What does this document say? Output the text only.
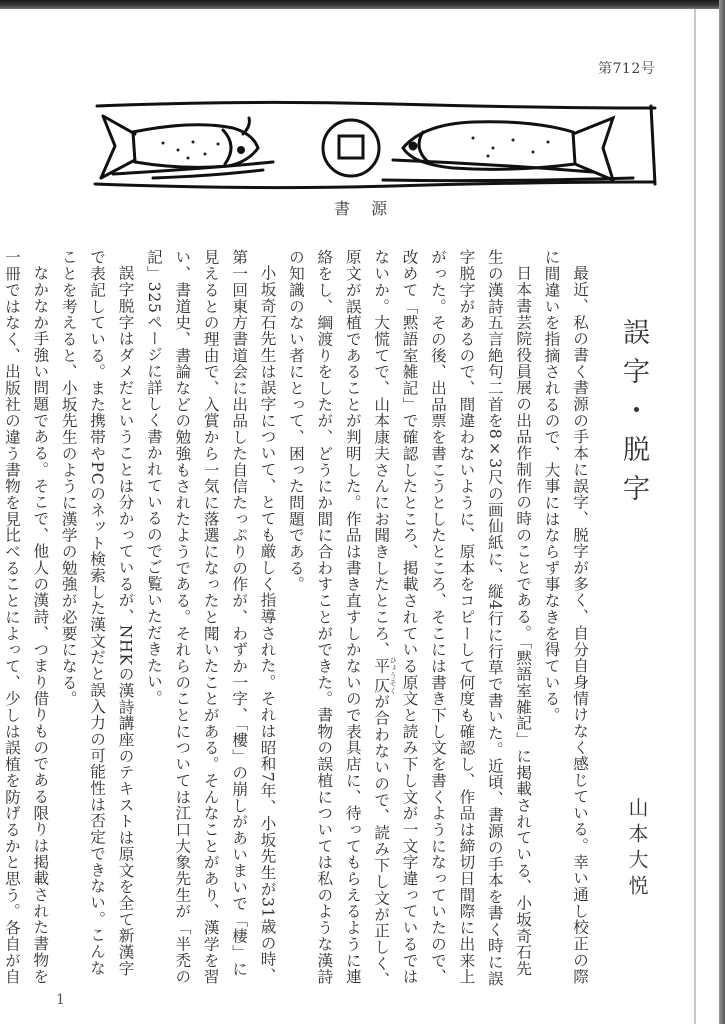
第712号
書 源
誤字・脱字
山本大悦

最近、私の書く書源の手本に誤字、脱字が多く、自分自身情けなく感じている。幸い通し校正の際に間違いを指摘されるので、大事にはならず事なきを得ている。

日本書芸院役員展の出品作制作の時のことである。「黙語室雑記」に掲載されている、小坂奇石先生の漢詩五言絶句二首を8×3尺の画仙紙に、縦4行に行草で書いた。近頃、書源の手本を書く時に誤字脱字があるので、間違わないように、原本をコピーして何度も確認し、作品は締切日間際に出来上がった。その後、出品票を書こうとしたところ、そこには書き下し文を書くようになっていたので、改めて「黙語室雑記」で確認したところ、掲載されている原文と読み下し文が一文字違っているではないか。大慌てで、山本康夫さんにお聞きしたところ、平仄 ひょうそくが合わないので、読み下し文が正しく、原文が誤植であることが判明した。作品は書き直すしかないので表具店に、待ってもらえるように連絡をし、綱渡りをしたが、どうにか間に合わすことができた。書物の誤植については私のような漢詩の知識のない者にとって、困った問題である。

小坂奇石先生は誤字について、とても厳しく指導された。それは昭和7年、小坂先生が31歳の時、第一回東方書道会に出品した自信たっぷりの作が、わずか一字、「樓」の崩しがあいまいで「棲」に見えるとの理由で、入賞から一気に落選になったと聞いたことがある。そんなことがあり、漢学を習い、書道史、書論などの勉強もされたようである。それらのことについては江口大象先生が「半禿の記」325ページに詳しく書かれているのでご覧いただきたい。

誤字脱字はダメだということは分かっているが、NHKの漢詩講座のテキストは原文を全て新漢字で表記している。また携帯やPCのネット検索した漢文だと誤入力の可能性は否定できない。こんなことを考えると、小坂先生のように漢学の勉強が必要になる。

なかなか手強い問題である。そこで、他人の漢詩、つまり借りものである限りは掲載された書物を一冊ではなく、出版社の違う書物を見比べることによって、少しは誤植を防げるかと思う。各自が自

1
